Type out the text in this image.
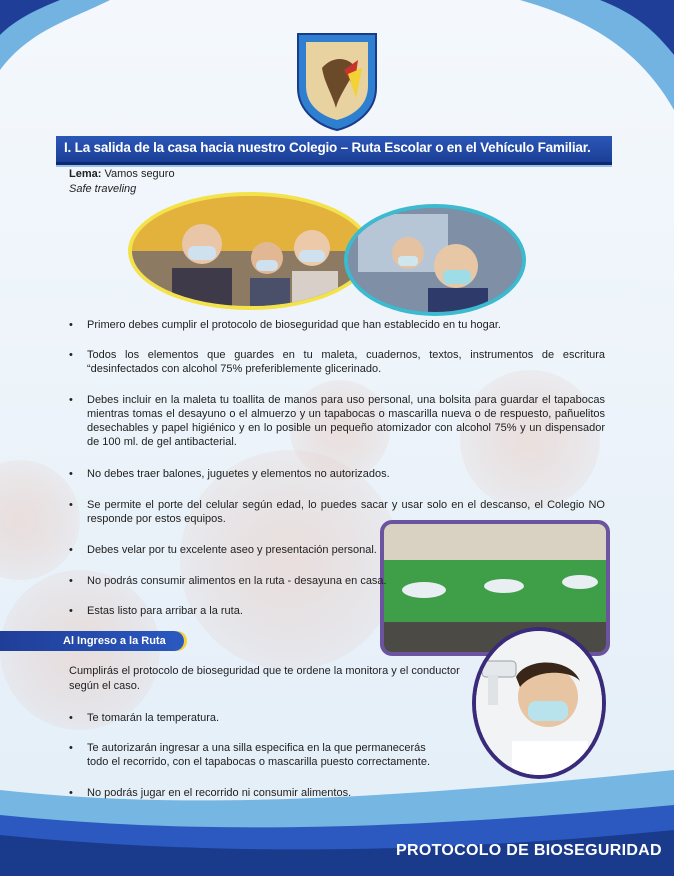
I. La salida de la casa hacia nuestro Colegio – Ruta Escolar o en el Vehículo Familiar.
Lema: Vamos seguro
Safe traveling
• Primero debes cumplir el protocolo de bioseguridad que han establecido en tu hogar.
• Todos los elementos que guardes en tu maleta, cuadernos, textos, instrumentos de escritura “desinfectados con alcohol 75% preferiblemente glicerinado.
• Debes incluir en la maleta tu toallita de manos para uso personal, una bolsita para guardar el tapabocas mientras tomas el desayuno o el almuerzo y un tapabocas o mascarilla nueva o de respuesto, pañuelitos desechables y papel higiénico y en lo posible un pequeño atomizador con alcohol 75% y un dispensador de 100 ml. de gel antibacterial.
• No debes traer balones, juguetes y elementos no autorizados.
• Se permite el porte del celular según edad, lo puedes sacar y usar solo en el descanso, el Colegio NO responde por estos equipos.
• Debes velar por tu excelente aseo y presentación personal.
• No podrás consumir alimentos en la ruta - desayuna en casa.
• Estas listo para arribar a la ruta.
Al Ingreso a la Ruta
Cumplirás el protocolo de bioseguridad que te ordene la monitora y el conductor según el caso.
• Te tomarán la temperatura.
• Te autorizarán ingresar a una silla especifica en la que permanecerás todo el recorrido, con el tapabocas o mascarilla puesto correctamente.
• No podrás jugar en el recorrido ni consumir alimentos.
PROTOCOLO DE BIOSEGURIDAD
